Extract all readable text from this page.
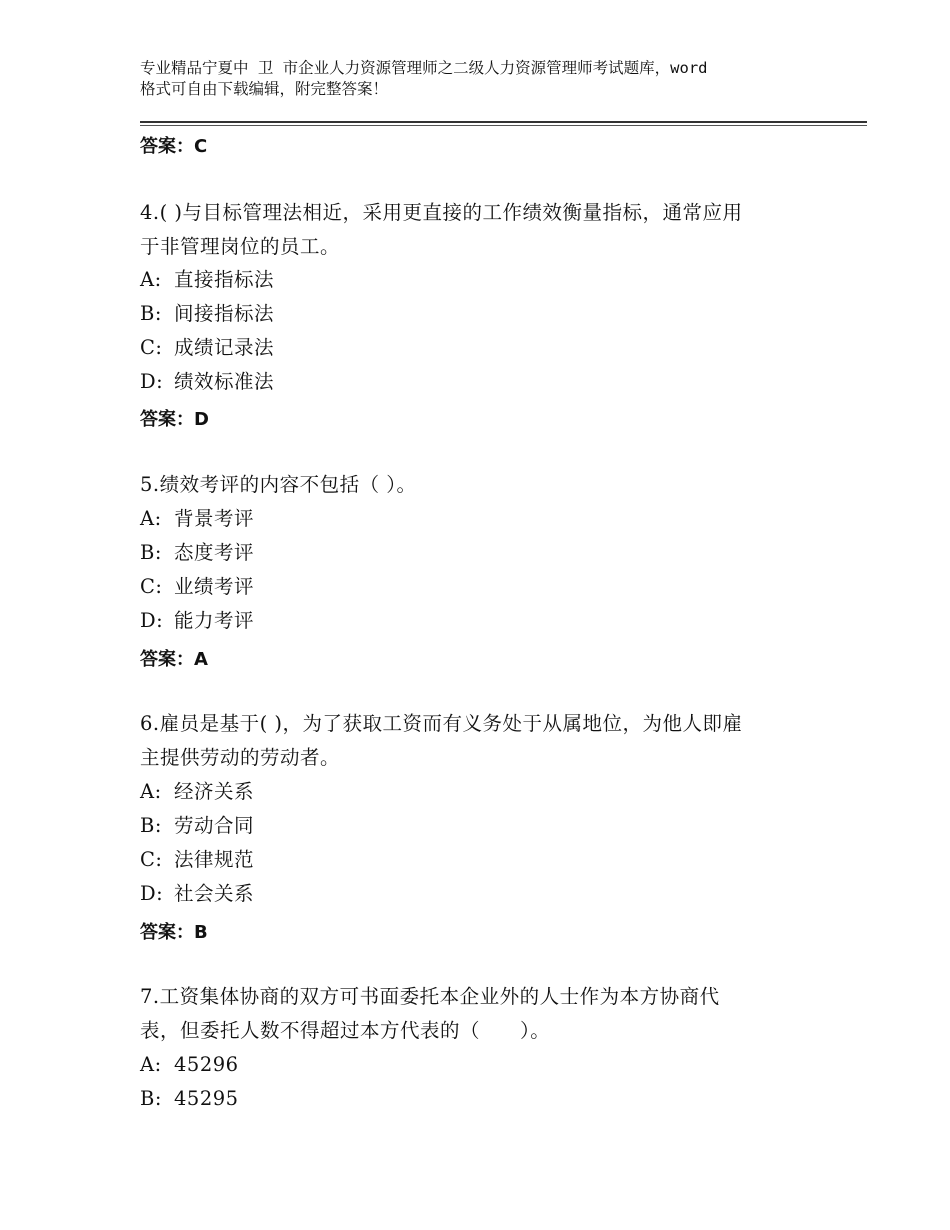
专业精品宁夏中 卫 市企业人力资源管理师之二级人力资源管理师考试题库，word
格式可自由下载编辑，附完整答案！
答案：C
4.( )与目标管理法相近，采用更直接的工作绩效衡量指标，通常应用
于非管理岗位的员工。
A: 直接指标法
B: 间接指标法
C: 成绩记录法
D: 绩效标准法
答案：D
5.绩效考评的内容不包括（ ）。
A: 背景考评
B: 态度考评
C: 业绩考评
D: 能力考评
答案：A
6.雇员是基于( )，为了获取工资而有义务处于从属地位，为他人即雇
主提供劳动的劳动者。
A: 经济关系
B: 劳动合同
C: 法律规范
D: 社会关系
答案：B
7.工资集体协商的双方可书面委托本企业外的人士作为本方协商代
表，但委托人数不得超过本方代表的（　　）。
A: 45296
B: 45295
